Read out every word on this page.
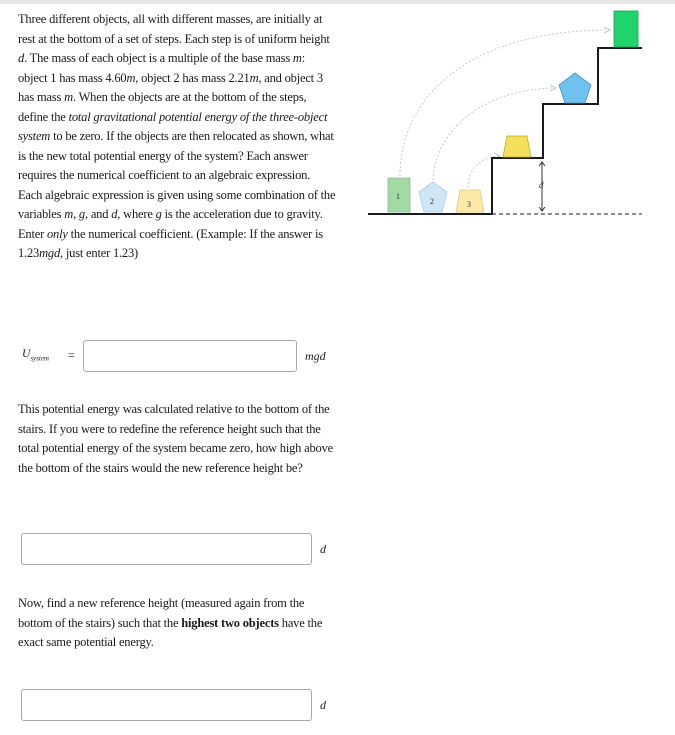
Three different objects, all with different masses, are initially at rest at the bottom of a set of steps. Each step is of uniform height d. The mass of each object is a multiple of the base mass m: object 1 has mass 4.60m, object 2 has mass 2.21m, and object 3 has mass m. When the objects are at the bottom of the steps, define the total gravitational potential energy of the three-object system to be zero. If the objects are then relocated as shown, what is the new total potential energy of the system? Each answer requires the numerical coefficient to an algebraic expression. Each algebraic expression is given using some combination of the variables m, g, and d, where g is the acceleration due to gravity. Enter only the numerical coefficient. (Example: If the answer is 1.23mgd, just enter 1.23)
$U_{system}$ =	mgd
This potential energy was calculated relative to the bottom of the stairs. If you were to redefine the reference height such that the total potential energy of the system became zero, how high above the bottom of the stairs would the new reference height be?
d
Now, find a new reference height (measured again from the bottom of the stairs) such that the highest two objects have the exact same potential energy.
d
d
1
2	3
